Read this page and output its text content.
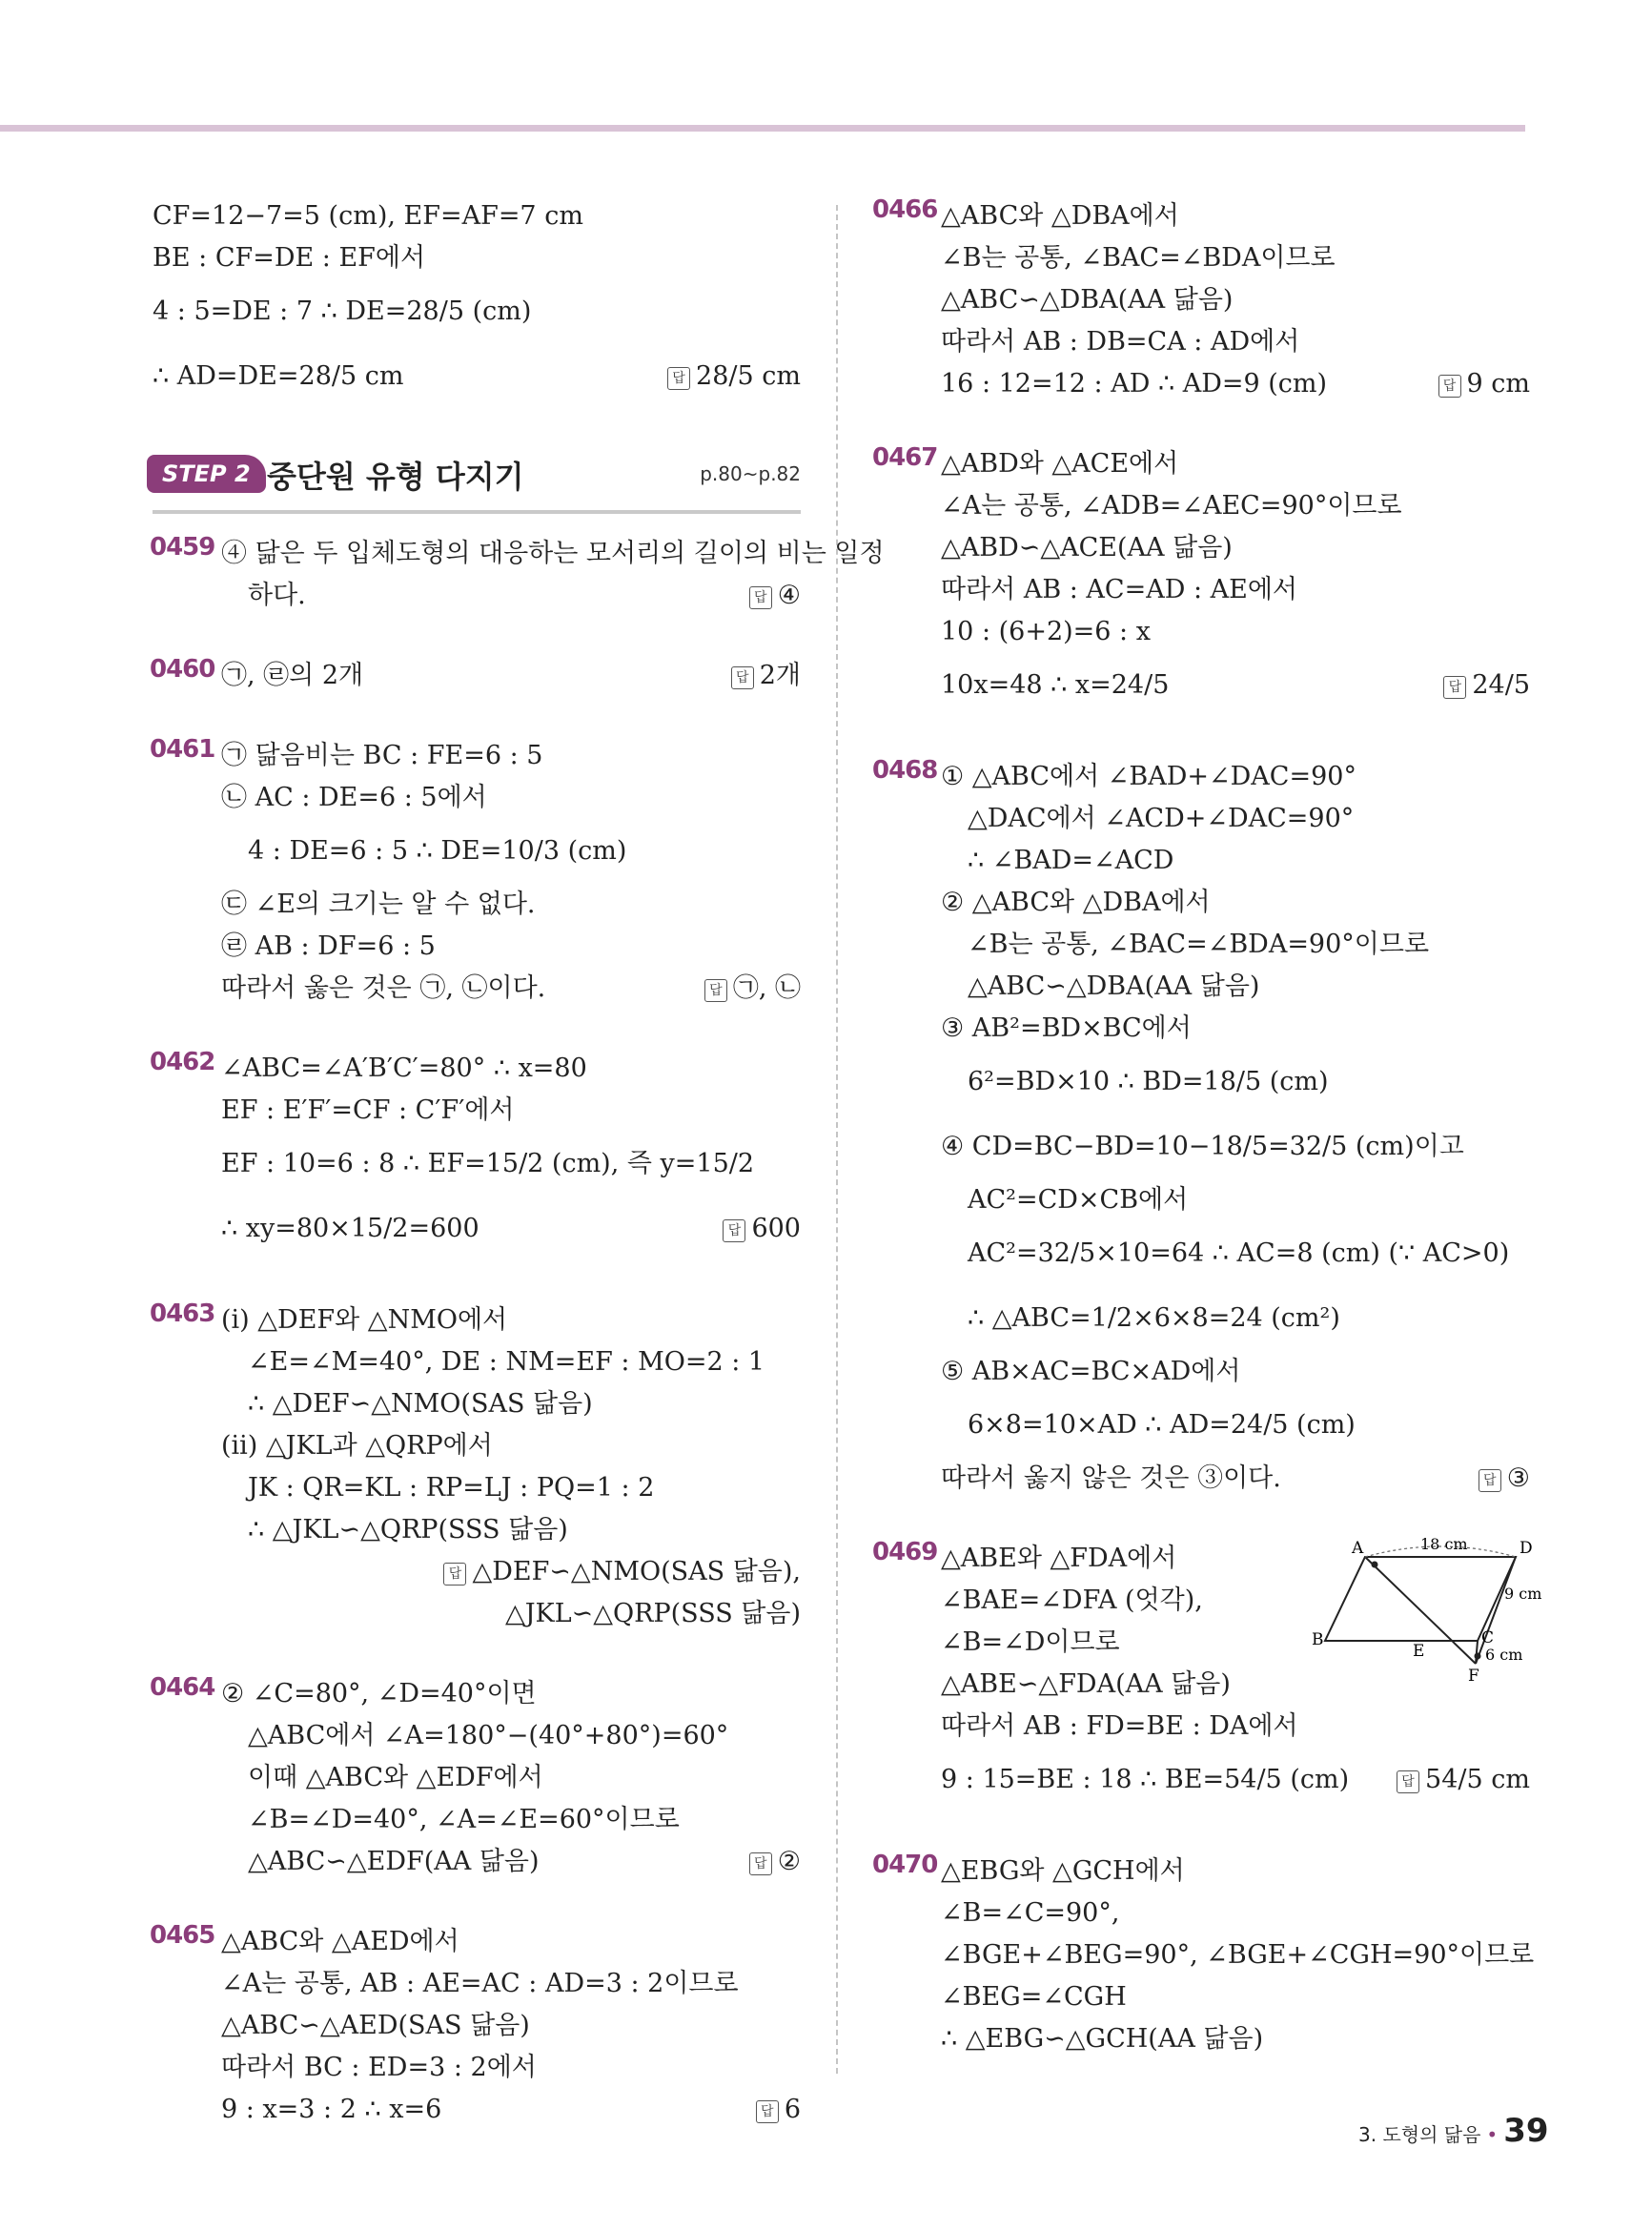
CF=12−7=5 (cm), EF=AF=7 cm
BE : CF=DE : EF에서
4 : 5=DE : 7 ∴ DE=28/5 (cm)
∴ AD=DE=28/5 cm	답 28/5 cm
STEP 2 중단원 유형 다지기	p.80~p.82
0459 ④ 닮은 두 입체도형의 대응하는 모서리의 길이의 비는 일정
하다.	답 ④
0460 ㉠, ㉣의 2개	답 2개
0461 ㉠ 닮음비는 BC : FE=6 : 5
㉡ AC : DE=6 : 5에서
4 : DE=6 : 5 ∴ DE=10/3 (cm)
㉢ ∠E의 크기는 알 수 없다.
㉣ AB : DF=6 : 5
따라서 옳은 것은 ㉠, ㉡이다.	답 ㉠, ㉡
0462 ∠ABC=∠A′B′C′=80° ∴ x=80
EF : E′F′=CF : C′F′에서
EF : 10=6 : 8 ∴ EF=15/2 (cm), 즉 y=15/2
∴ xy=80×15/2=600	답 600
0463 (ⅰ) △DEF와 △NMO에서
∠E=∠M=40°, DE : NM=EF : MO=2 : 1
∴ △DEF∽△NMO(SAS 닮음)
(ⅱ) △JKL과 △QRP에서
JK : QR=KL : RP=LJ : PQ=1 : 2
∴ △JKL∽△QRP(SSS 닮음)
답 △DEF∽△NMO(SAS 닮음),
△JKL∽△QRP(SSS 닮음)
0464 ② ∠C=80°, ∠D=40°이면
△ABC에서 ∠A=180°−(40°+80°)=60°
이때 △ABC와 △EDF에서
∠B=∠D=40°, ∠A=∠E=60°이므로
△ABC∽△EDF(AA 닮음)	답 ②
0465 △ABC와 △AED에서
∠A는 공통, AB : AE=AC : AD=3 : 2이므로
△ABC∽△AED(SAS 닮음)
따라서 BC : ED=3 : 2에서
9 : x=3 : 2 ∴ x=6	답 6
0466 △ABC와 △DBA에서
∠B는 공통, ∠BAC=∠BDA이므로
△ABC∽△DBA(AA 닮음)
따라서 AB : DB=CA : AD에서
16 : 12=12 : AD ∴ AD=9 (cm)	답 9 cm
0467 △ABD와 △ACE에서
∠A는 공통, ∠ADB=∠AEC=90°이므로
△ABD∽△ACE(AA 닮음)
따라서 AB : AC=AD : AE에서
10 : (6+2)=6 : x
10x=48 ∴ x=24/5	답 24/5
0468 ① △ABC에서 ∠BAD+∠DAC=90°
△DAC에서 ∠ACD+∠DAC=90°
∴ ∠BAD=∠ACD
② △ABC와 △DBA에서
∠B는 공통, ∠BAC=∠BDA=90°이므로
△ABC∽△DBA(AA 닮음)
③ AB²=BD×BC에서
6²=BD×10 ∴ BD=18/5 (cm)
④ CD=BC−BD=10−18/5=32/5 (cm)이고
AC²=CD×CB에서
AC²=32/5×10=64 ∴ AC=8 (cm) (∵ AC>0)
∴ △ABC=1/2×6×8=24 (cm²)
⑤ AB×AC=BC×AD에서
6×8=10×AD ∴ AD=24/5 (cm)
따라서 옳지 않은 것은 ③이다.	답 ③
0469	A	D
B
E
C
F
18 cm
9 cm
6 cm
△ABE와 △FDA에서
∠BAE=∠DFA (엇각),
∠B=∠D이므로
△ABE∽△FDA(AA 닮음)
따라서 AB : FD=BE : DA에서
9 : 15=BE : 18 ∴ BE=54/5 (cm)	답 54/5 cm
0470 △EBG와 △GCH에서
∠B=∠C=90°,
∠BGE+∠BEG=90°, ∠BGE+∠CGH=90°이므로
∠BEG=∠CGH
∴ △EBG∽△GCH(AA 닮음)
3. 도형의 닮음 • 39
